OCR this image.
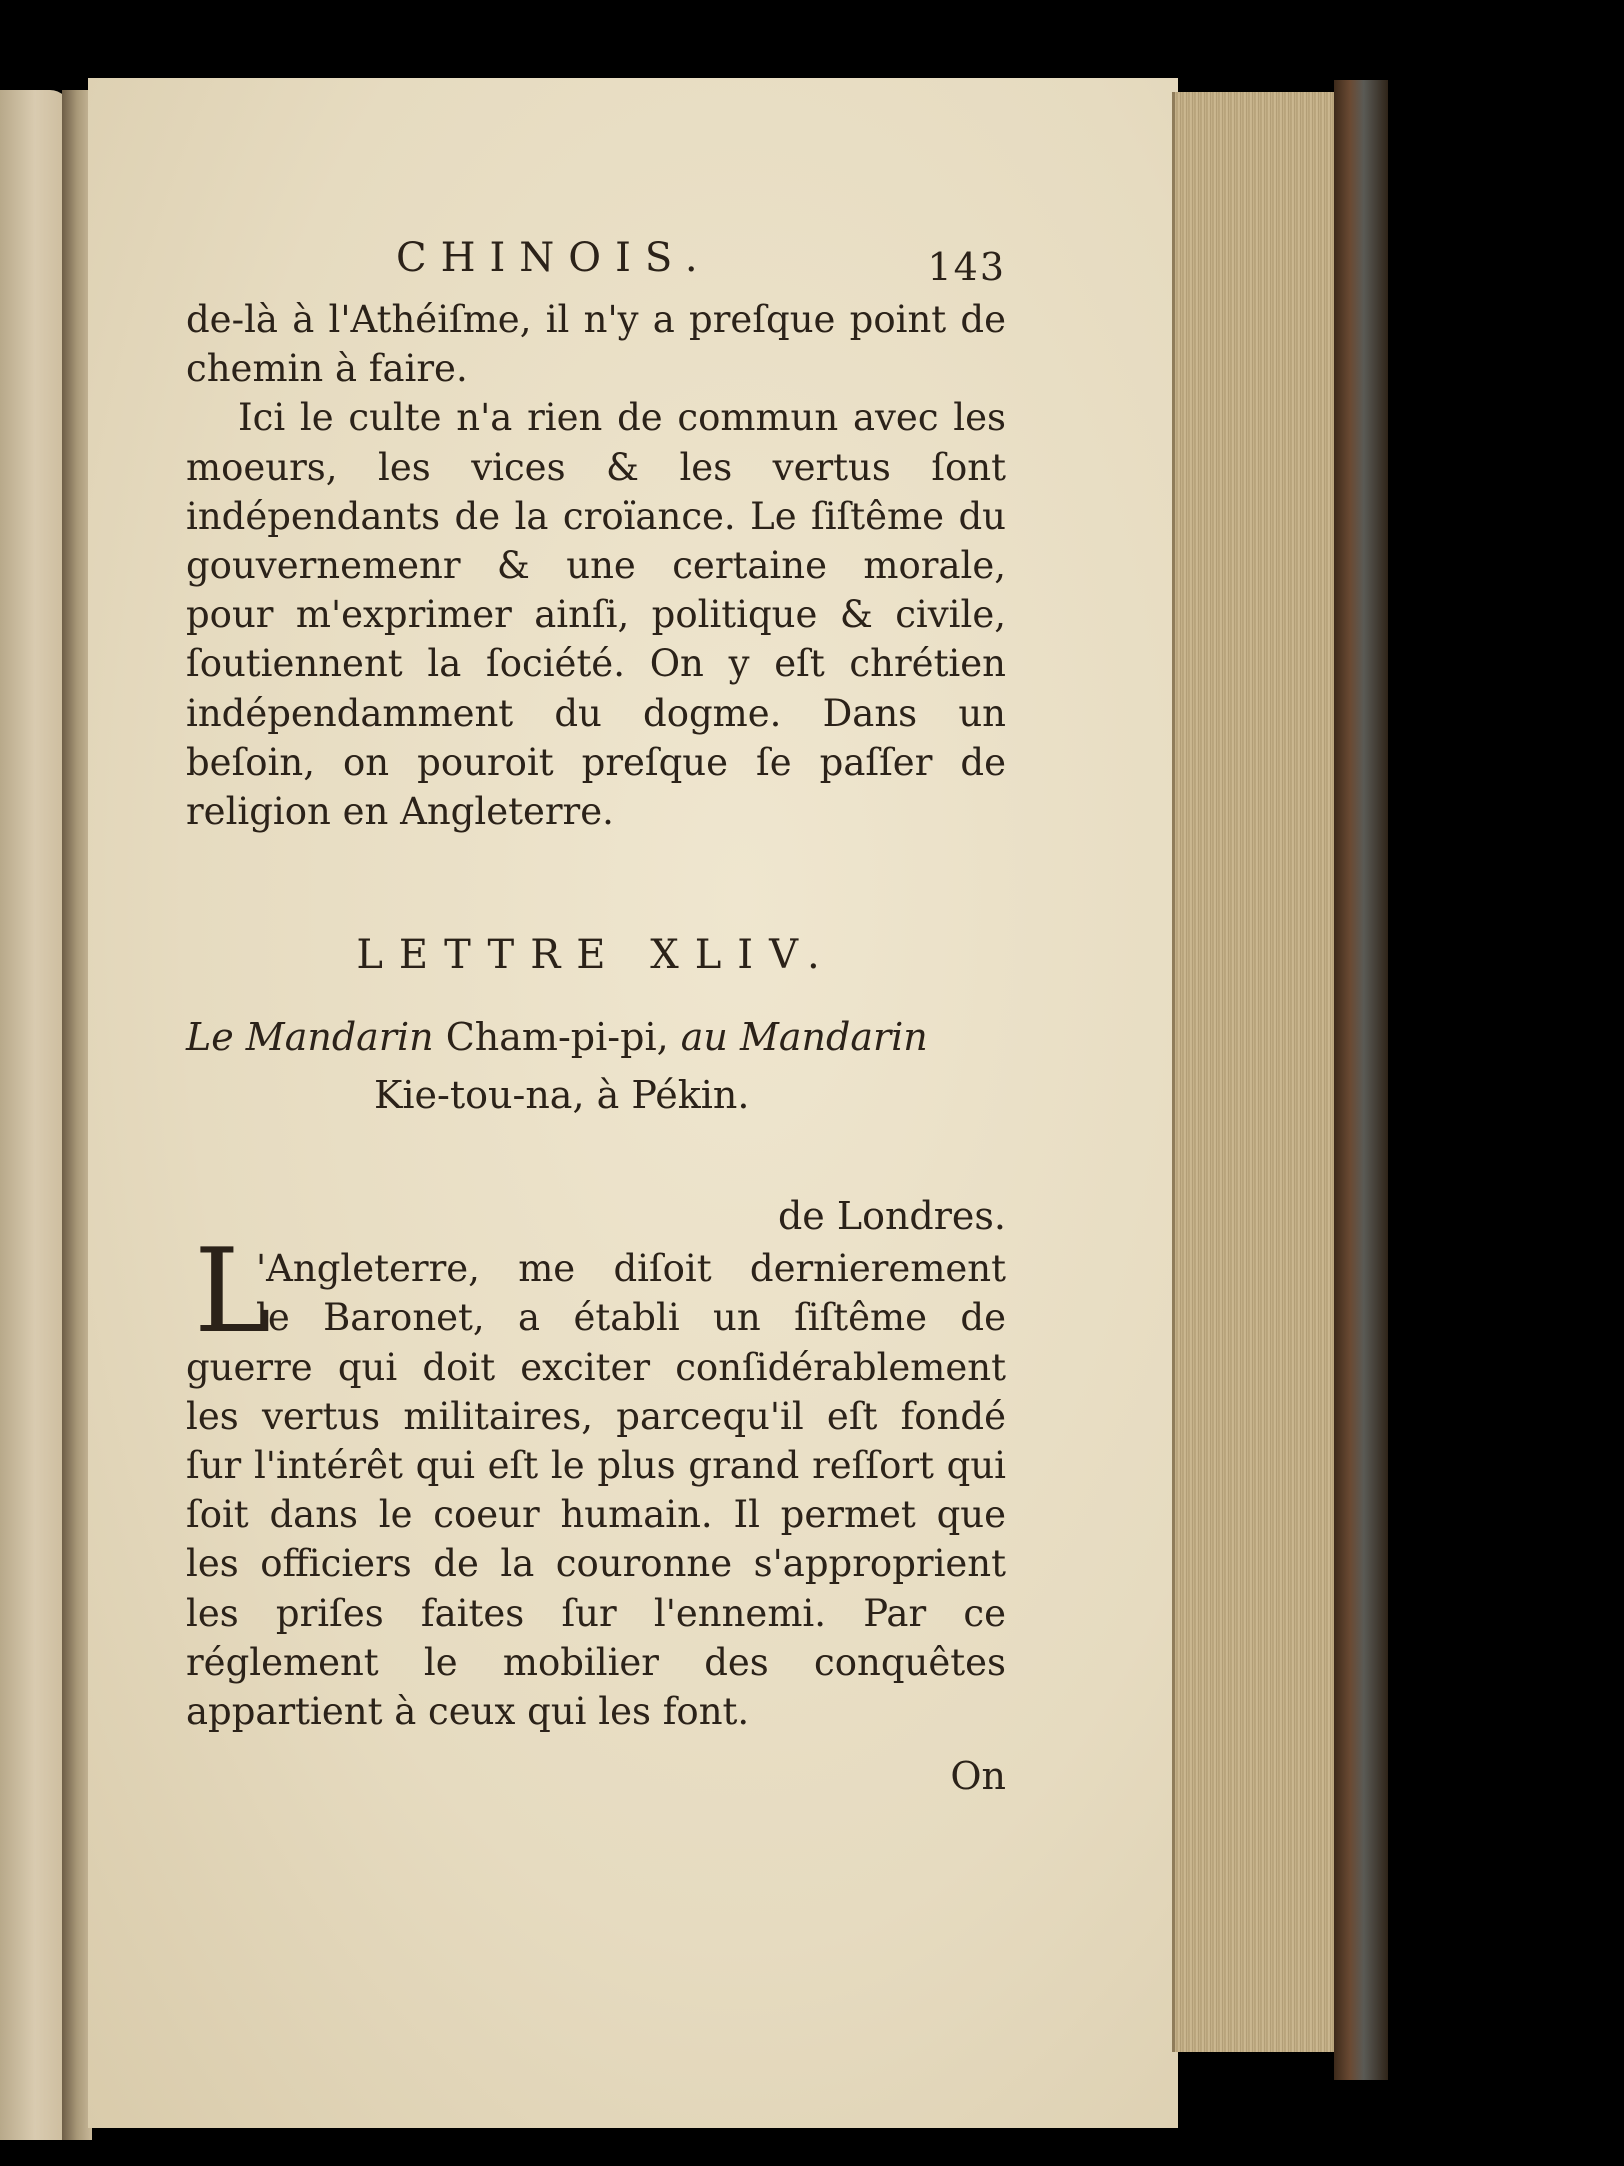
CHINOIS.	143

de-là à l'Athéiſme, il n'y a preſque point de chemin à faire.

Ici le culte n'a rien de commun avec les moeurs, les vices & les vertus ſont indépendants de la croïance. Le ſiſtême du gouvernemenr & une certaine morale, pour m'exprimer ainſi, politique & civile, ſoutiennent la ſociété. On y eſt chrétien indépendamment du dogme. Dans un beſoin, on pouroit preſque ſe paſſer de religion en Angleterre.

LETTRE XLIV.
Le Mandarin Cham-pi-pi, au Mandarin
Kie-tou-na, à Pékin.
de Londres.
L
'Angleterre, me diſoit dernierement
le Baronet, a établi un ſiſtême de

guerre qui doit exciter conſidérablement les vertus militaires, parcequ'il eſt fondé ſur l'intérêt qui eſt le plus grand reſſort qui ſoit dans le coeur humain. Il permet que les officiers de la couronne s'approprient les priſes faites ſur l'ennemi. Par ce réglement le mobilier des conquêtes appartient à ceux qui les font.

On
